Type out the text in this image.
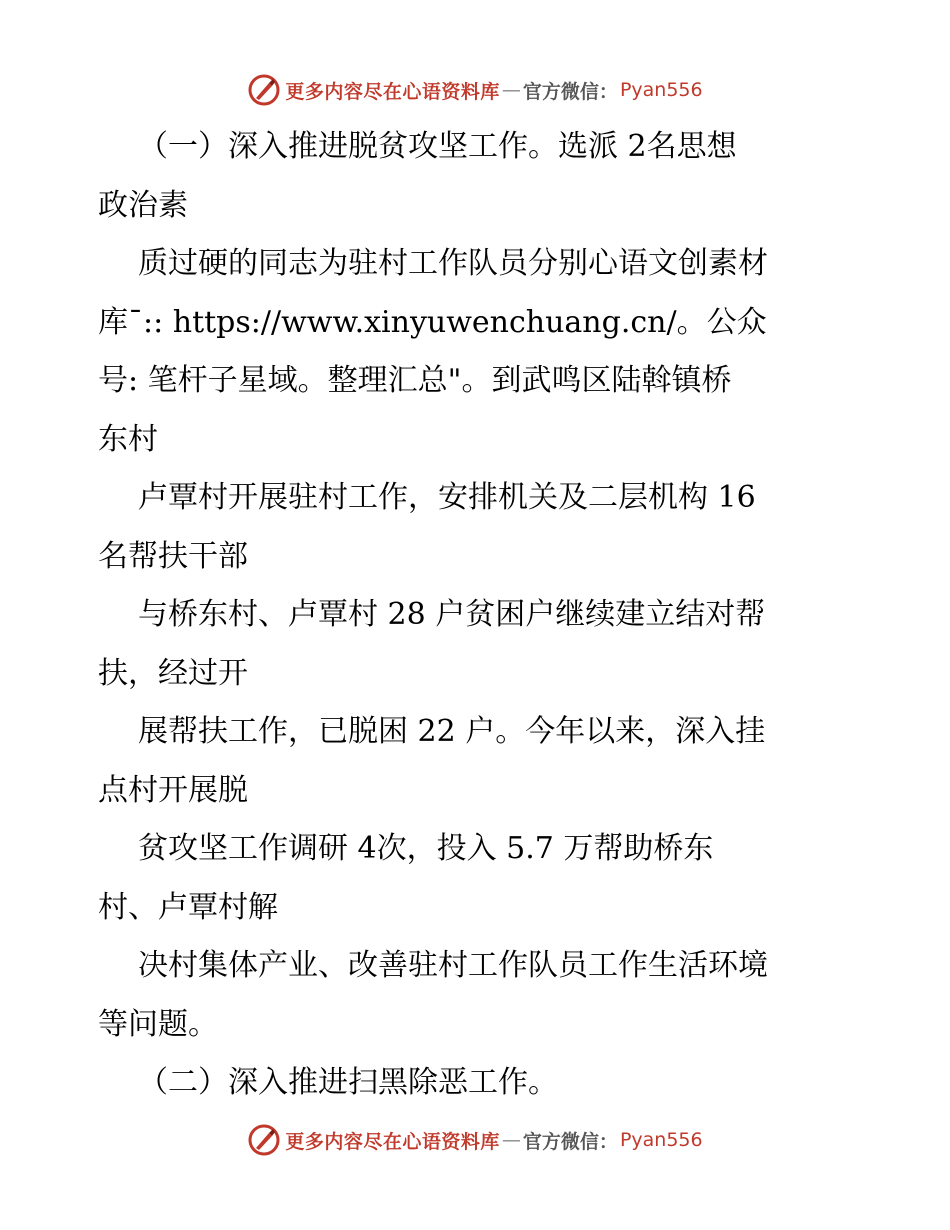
更多内容尽在心语资料库 — 官方微信： Pyan556
（一）深入推进脱贫攻坚工作。选派 2名思想
政治素
质过硬的同志为驻村工作队员分别心语文创素材
库¯:: https://www.xinyuwenchuang.cn/。公众
号: 笔杆子星域。整理汇总"。到武鸣区陆斡镇桥
东村
卢覃村开展驻村工作，安排机关及二层机构 16
名帮扶干部
与桥东村、卢覃村 28 户贫困户继续建立结对帮
扶，经过开
展帮扶工作，已脱困 22 户。今年以来，深入挂
点村开展脱
贫攻坚工作调研 4次，投入 5.7 万帮助桥东
村、卢覃村解
决村集体产业、改善驻村工作队员工作生活环境
等问题。
（二）深入推进扫黑除恶工作。
更多内容尽在心语资料库 — 官方微信： Pyan556
